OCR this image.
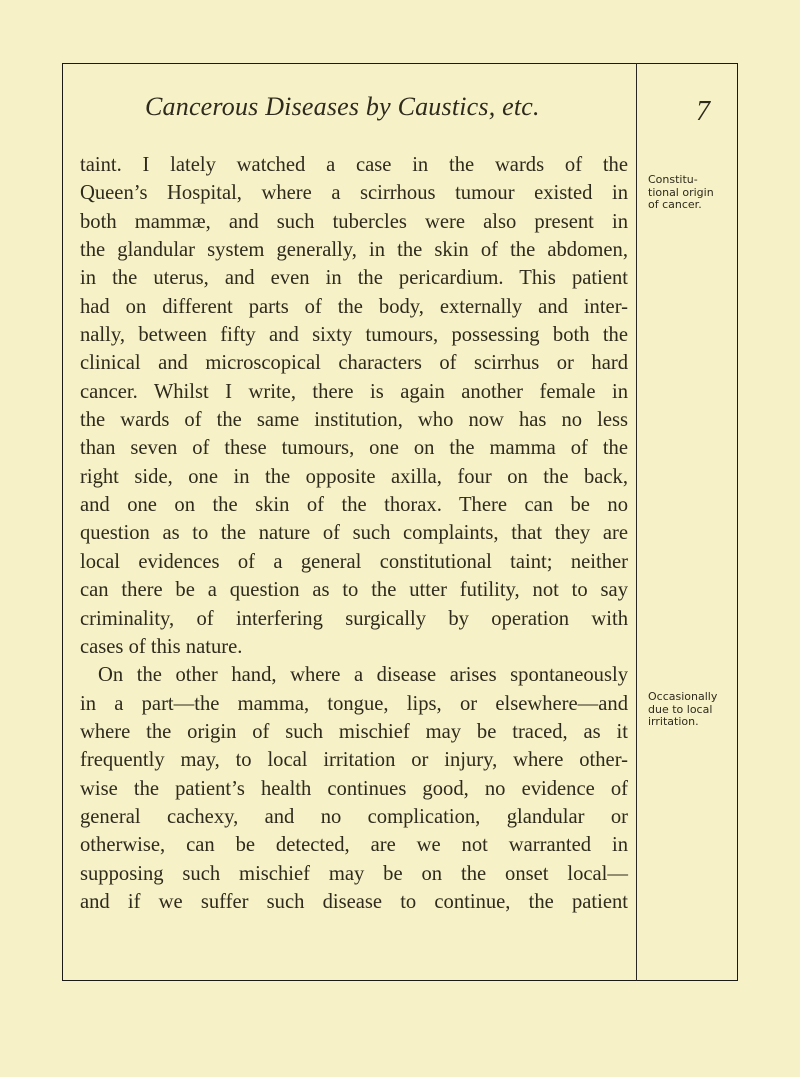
Cancerous Diseases by Caustics, etc.	7
taint. I lately watched a case in the wards of the
Queen’s Hospital, where a scirrhous tumour existed in
both mammæ, and such tubercles were also present in
the glandular system generally, in the skin of the abdomen,
in the uterus, and even in the pericardium. This patient
had on different parts of the body, externally and inter-
nally, between fifty and sixty tumours, possessing both the
clinical and microscopical characters of scirrhus or hard
cancer. Whilst I write, there is again another female in
the wards of the same institution, who now has no less
than seven of these tumours, one on the mamma of the
right side, one in the opposite axilla, four on the back,
and one on the skin of the thorax. There can be no
question as to the nature of such complaints, that they are
local evidences of a general constitutional taint; neither
can there be a question as to the utter futility, not to say
criminality, of interfering surgically by operation with
cases of this nature.
On the other hand, where a disease arises spontaneously
in a part—the mamma, tongue, lips, or elsewhere—and
where the origin of such mischief may be traced, as it
frequently may, to local irritation or injury, where other-
wise the patient’s health continues good, no evidence of
general cachexy, and no complication, glandular or
otherwise, can be detected, are we not warranted in
supposing such mischief may be on the onset local—
and if we suffer such disease to continue, the patient
Constitu-
tional origin
of cancer.
Occasionally
due to local
irritation.
